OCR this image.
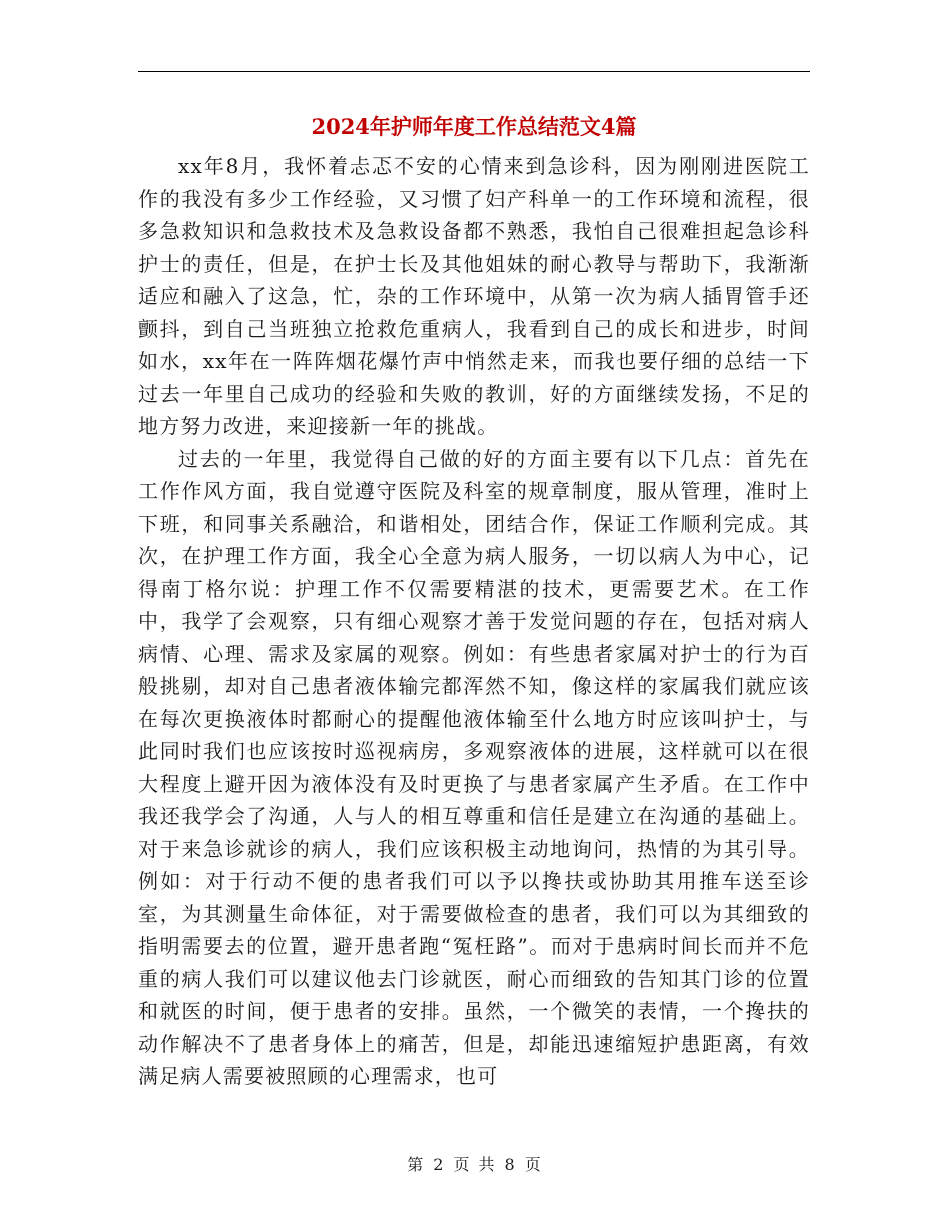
2024年护师年度工作总结范文4篇

xx年8月，我怀着忐忑不安的心情来到急诊科，因为刚刚进医院工作的我没有多少工作经验，又习惯了妇产科单一的工作环境和流程，很多急救知识和急救技术及急救设备都不熟悉，我怕自己很难担起急诊科护士的责任，但是，在护士长及其他姐妹的耐心教导与帮助下，我渐渐适应和融入了这急，忙，杂的工作环境中，从第一次为病人插胃管手还颤抖，到自己当班独立抢救危重病人，我看到自己的成长和进步，时间如水，xx年在一阵阵烟花爆竹声中悄然走来，而我也要仔细的总结一下过去一年里自己成功的经验和失败的教训，好的方面继续发扬，不足的地方努力改进，来迎接新一年的挑战。

过去的一年里，我觉得自己做的好的方面主要有以下几点：首先在工作作风方面，我自觉遵守医院及科室的规章制度，服从管理，准时上下班，和同事关系融洽，和谐相处，团结合作，保证工作顺利完成。其次，在护理工作方面，我全心全意为病人服务，一切以病人为中心，记得南丁格尔说：护理工作不仅需要精湛的技术，更需要艺术。在工作中，我学了会观察，只有细心观察才善于发觉问题的存在，包括对病人病情、心理、需求及家属的观察。例如：有些患者家属对护士的行为百般挑剔，却对自己患者液体输完都浑然不知，像这样的家属我们就应该在每次更换液体时都耐心的提醒他液体输至什么地方时应该叫护士，与此同时我们也应该按时巡视病房，多观察液体的进展，这样就可以在很大程度上避开因为液体没有及时更换了与患者家属产生矛盾。在工作中我还我学会了沟通，人与人的相互尊重和信任是建立在沟通的基础上。对于来急诊就诊的病人，我们应该积极主动地询问，热情的为其引导。例如：对于行动不便的患者我们可以予以搀扶或协助其用推车送至诊室，为其测量生命体征，对于需要做检查的患者，我们可以为其细致的指明需要去的位置，避开患者跑“冤枉路”。而对于患病时间长而并不危重的病人我们可以建议他去门诊就医，耐心而细致的告知其门诊的位置和就医的时间，便于患者的安排。虽然，一个微笑的表情，一个搀扶的动作解决不了患者身体上的痛苦，但是，却能迅速缩短护患距离，有效满足病人需要被照顾的心理需求，也可

第 2 页 共 8 页
